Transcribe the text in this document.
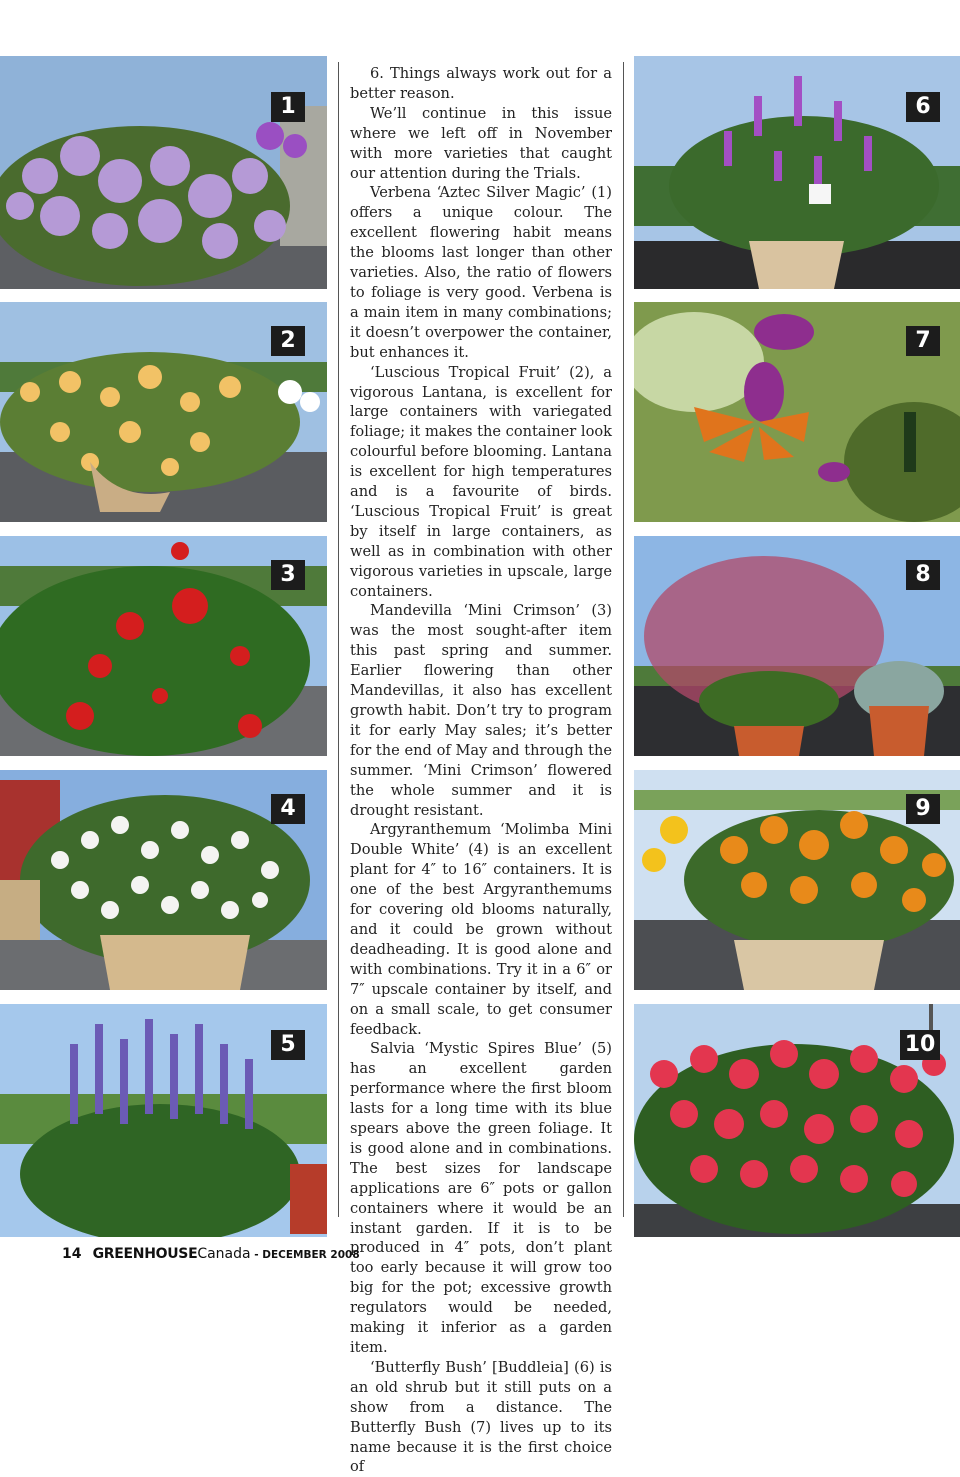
1
2
3
4
5

6. Things always work out for a better reason.

We’ll continue in this issue where we left off in November with more varieties that caught our attention during the Trials.

Verbena ‘Aztec Silver Magic’ (1) offers a unique colour. The excellent flowering habit means the blooms last longer than other varieties. Also, the ratio of flowers to foliage is very good. Verbena is a main item in many combinations; it doesn’t overpower the container, but enhances it.

‘Luscious Tropical Fruit’ (2), a vigorous Lantana, is excellent for large containers with variegated foliage; it makes the container look colourful before blooming. Lantana is excellent for high temperatures and is a favourite of birds. ‘Luscious Tropical Fruit’ is great by itself in large containers, as well as in combination with other vigorous varieties in upscale, large containers.

Mandevilla ‘Mini Crimson’ (3) was the most sought-after item this past spring and summer. Earlier flowering than other Mandevillas, it also has excellent growth habit. Don’t try to program it for early May sales; it’s better for the end of May and through the summer. ‘Mini Crimson’ flowered the whole summer and it is drought resistant.

Argyranthemum ‘Molimba Mini Double White’ (4) is an excellent plant for 4″ to 16″ containers. It is one of the best Argyranthemums for covering old blooms naturally, and it could be grown without deadheading. It is good alone and with combinations. Try it in a 6″ or 7″ upscale container by itself, and on a small scale, to get consumer feedback.

Salvia ‘Mystic Spires Blue’ (5) has an excellent garden performance where the first bloom lasts for a long time with its blue spears above the green foliage. It is good alone and in combinations. The best sizes for landscape applications are 6″ pots or gallon containers where it would be an instant garden. If it is to be produced in 4″ pots, don’t plant too early because it will grow too big for the pot; excessive growth regulators would be needed, making it inferior as a garden item.

‘Butterfly Bush’ [Buddleia] (6) is an old shrub but it still puts on a show from a distance. The Butterfly Bush (7) lives up to its name because it is the first choice of

6
7
8
9
10
14 GREENHOUSECanada - DECEMBER 2008
